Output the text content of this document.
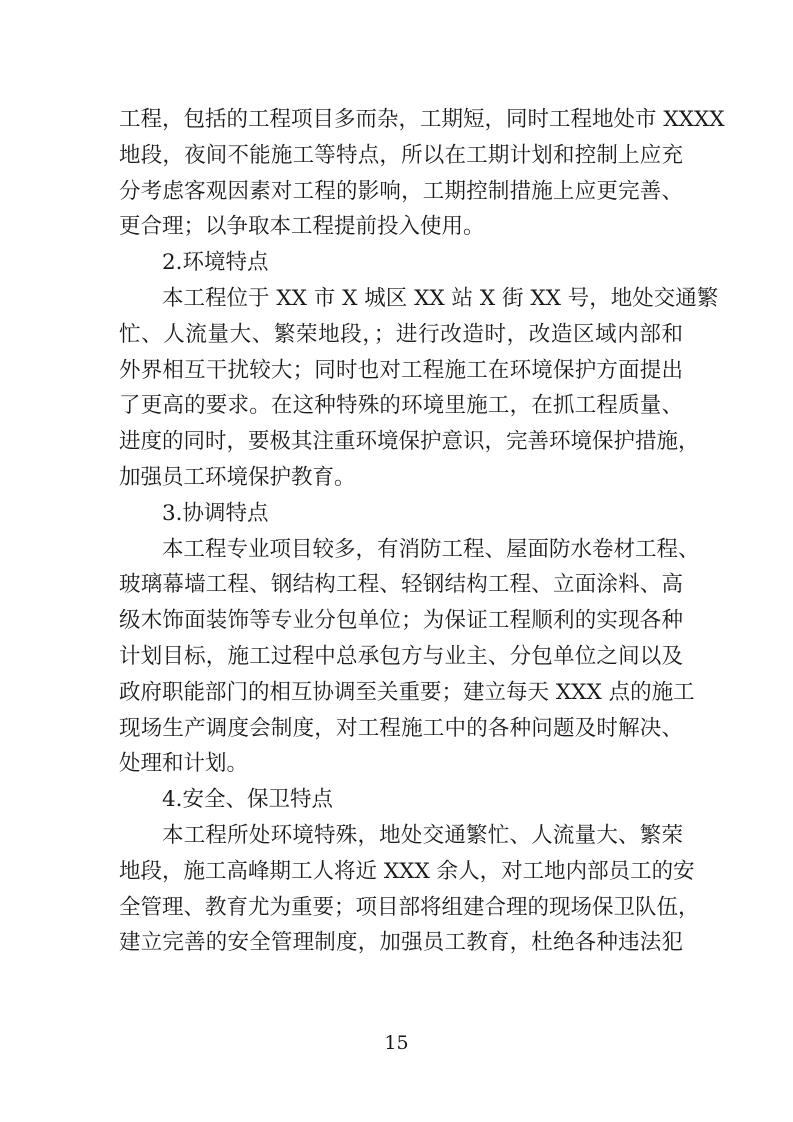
工程，包括的工程项目多而杂，工期短，同时工程地处市 XXXX
地段，夜间不能施工等特点，所以在工期计划和控制上应充
分考虑客观因素对工程的影响，工期控制措施上应更完善、
更合理；以争取本工程提前投入使用。
2.环境特点
本工程位于 XX 市 X 城区 XX 站 X 街 XX 号，地处交通繁
忙、人流量大、繁荣地段，；进行改造时，改造区域内部和
外界相互干扰较大；同时也对工程施工在环境保护方面提出
了更高的要求。在这种特殊的环境里施工，在抓工程质量、
进度的同时，要极其注重环境保护意识，完善环境保护措施，
加强员工环境保护教育。
3.协调特点
本工程专业项目较多，有消防工程、屋面防水卷材工程、
玻璃幕墙工程、钢结构工程、轻钢结构工程、立面涂料、高
级木饰面装饰等专业分包单位；为保证工程顺利的实现各种
计划目标，施工过程中总承包方与业主、分包单位之间以及
政府职能部门的相互协调至关重要；建立每天 XXX 点的施工
现场生产调度会制度，对工程施工中的各种问题及时解决、
处理和计划。
4.安全、保卫特点
本工程所处环境特殊，地处交通繁忙、人流量大、繁荣
地段，施工高峰期工人将近 XXX 余人，对工地内部员工的安
全管理、教育尤为重要；项目部将组建合理的现场保卫队伍，
建立完善的安全管理制度，加强员工教育，杜绝各种违法犯
15
